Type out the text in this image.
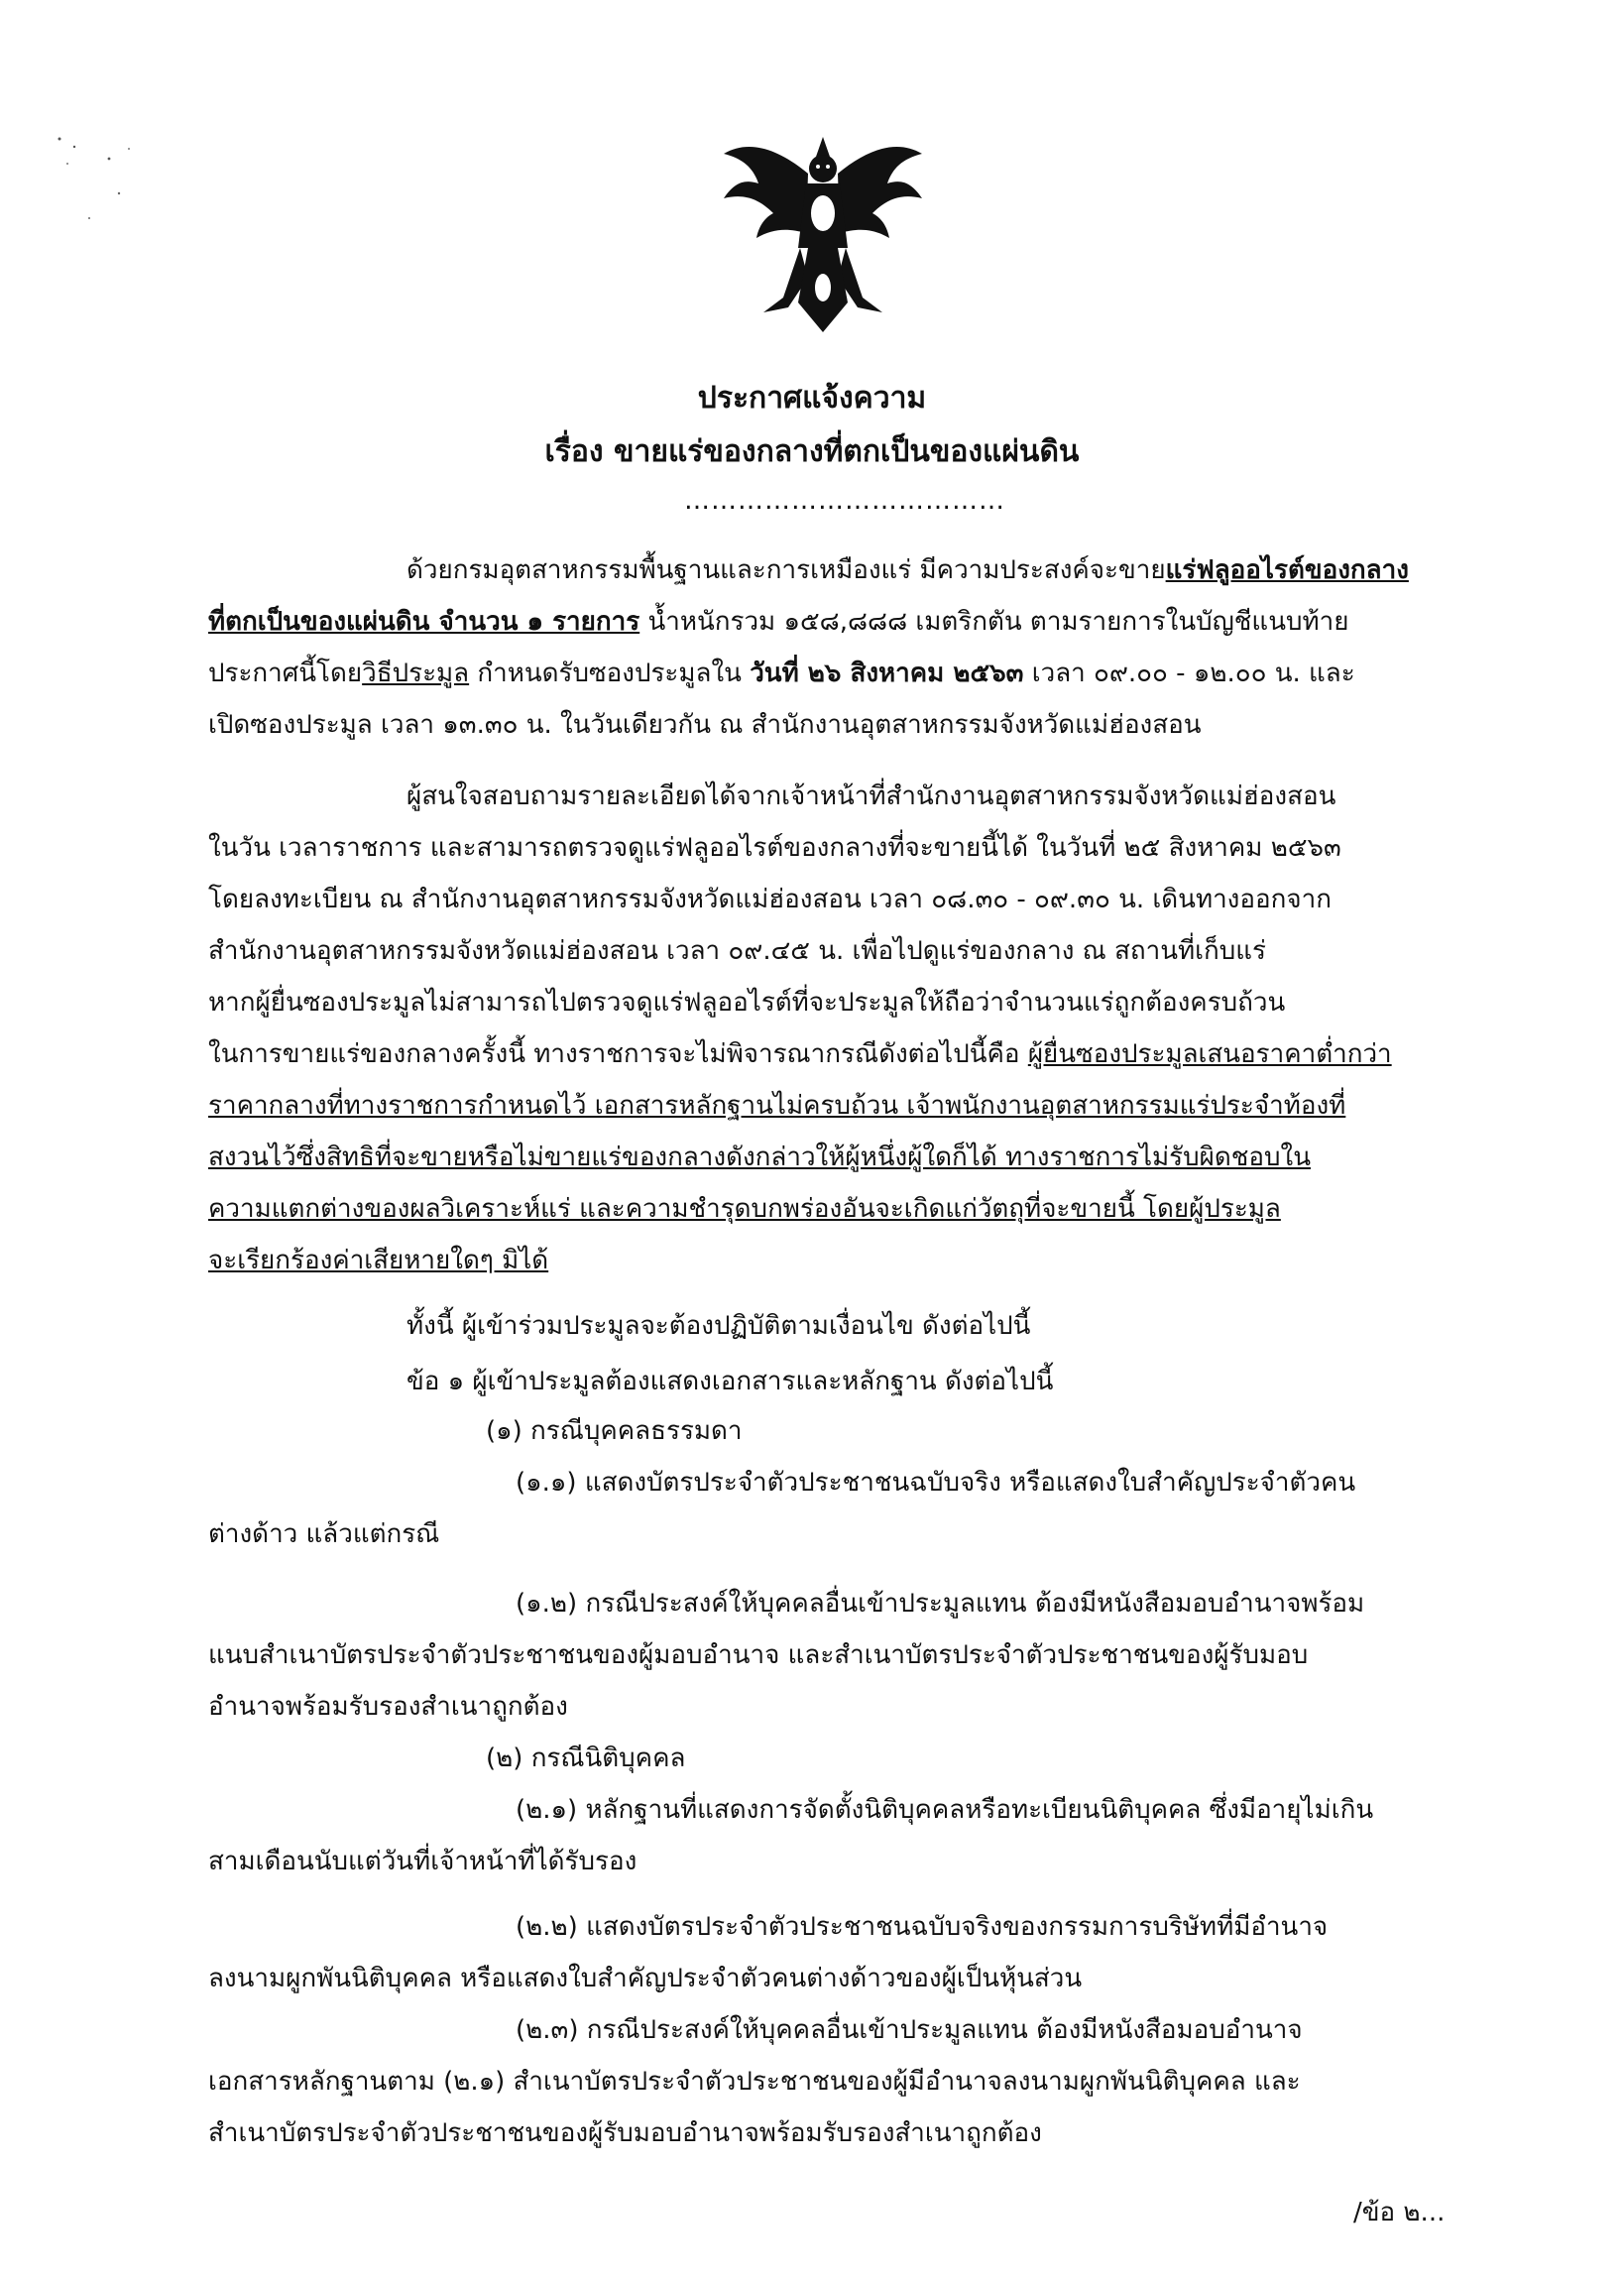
ประกาศแจ้งความ
เรื่อง ขายแร่ของกลางที่ตกเป็นของแผ่นดิน
………………………………
ด้วยกรมอุตสาหกรรมพื้นฐานและการเหมืองแร่ มีความประสงค์จะขายแร่ฟลูออไรต์ของกลาง
ที่ตกเป็นของแผ่นดิน จำนวน ๑ รายการ น้ำหนักรวม ๑๕๘,๘๘๘ เมตริกตัน ตามรายการในบัญชีแนบท้าย
ประกาศนี้โดยวิธีประมูล กำหนดรับซองประมูลใน วันที่ ๒๖ สิงหาคม ๒๕๖๓ เวลา ๐๙.๐๐ - ๑๒.๐๐ น. และ
เปิดซองประมูล เวลา ๑๓.๓๐ น. ในวันเดียวกัน ณ สำนักงานอุตสาหกรรมจังหวัดแม่ฮ่องสอน
ผู้สนใจสอบถามรายละเอียดได้จากเจ้าหน้าที่สำนักงานอุตสาหกรรมจังหวัดแม่ฮ่องสอน
ในวัน เวลาราชการ และสามารถตรวจดูแร่ฟลูออไรต์ของกลางที่จะขายนี้ได้ ในวันที่ ๒๕ สิงหาคม ๒๕๖๓
โดยลงทะเบียน ณ สำนักงานอุตสาหกรรมจังหวัดแม่ฮ่องสอน เวลา ๐๘.๓๐ - ๐๙.๓๐ น. เดินทางออกจาก
สำนักงานอุตสาหกรรมจังหวัดแม่ฮ่องสอน เวลา ๐๙.๔๕ น. เพื่อไปดูแร่ของกลาง ณ สถานที่เก็บแร่
หากผู้ยื่นซองประมูลไม่สามารถไปตรวจดูแร่ฟลูออไรต์ที่จะประมูลให้ถือว่าจำนวนแร่ถูกต้องครบถ้วน
ในการขายแร่ของกลางครั้งนี้ ทางราชการจะไม่พิจารณากรณีดังต่อไปนี้คือ ผู้ยื่นซองประมูลเสนอราคาต่ำกว่า
ราคากลางที่ทางราชการกำหนดไว้ เอกสารหลักฐานไม่ครบถ้วน เจ้าพนักงานอุตสาหกรรมแร่ประจำท้องที่
สงวนไว้ซึ่งสิทธิที่จะขายหรือไม่ขายแร่ของกลางดังกล่าวให้ผู้หนึ่งผู้ใดก็ได้ ทางราชการไม่รับผิดชอบใน
ความแตกต่างของผลวิเคราะห์แร่ และความชำรุดบกพร่องอันจะเกิดแก่วัตถุที่จะขายนี้ โดยผู้ประมูล
จะเรียกร้องค่าเสียหายใดๆ มิได้
ทั้งนี้ ผู้เข้าร่วมประมูลจะต้องปฏิบัติตามเงื่อนไข ดังต่อไปนี้
ข้อ ๑ ผู้เข้าประมูลต้องแสดงเอกสารและหลักฐาน ดังต่อไปนี้
(๑) กรณีบุคคลธรรมดา
(๑.๑) แสดงบัตรประจำตัวประชาชนฉบับจริง หรือแสดงใบสำคัญประจำตัวคน
ต่างด้าว แล้วแต่กรณี
(๑.๒) กรณีประสงค์ให้บุคคลอื่นเข้าประมูลแทน ต้องมีหนังสือมอบอำนาจพร้อม
แนบสำเนาบัตรประจำตัวประชาชนของผู้มอบอำนาจ และสำเนาบัตรประจำตัวประชาชนของผู้รับมอบ
อำนาจพร้อมรับรองสำเนาถูกต้อง
(๒) กรณีนิติบุคคล
(๒.๑) หลักฐานที่แสดงการจัดตั้งนิติบุคคลหรือทะเบียนนิติบุคคล ซึ่งมีอายุไม่เกิน
สามเดือนนับแต่วันที่เจ้าหน้าที่ได้รับรอง
(๒.๒) แสดงบัตรประจำตัวประชาชนฉบับจริงของกรรมการบริษัทที่มีอำนาจ
ลงนามผูกพันนิติบุคคล หรือแสดงใบสำคัญประจำตัวคนต่างด้าวของผู้เป็นหุ้นส่วน
(๒.๓) กรณีประสงค์ให้บุคคลอื่นเข้าประมูลแทน ต้องมีหนังสือมอบอำนาจ
เอกสารหลักฐานตาม (๒.๑) สำเนาบัตรประจำตัวประชาชนของผู้มีอำนาจลงนามผูกพันนิติบุคคล และ
สำเนาบัตรประจำตัวประชาชนของผู้รับมอบอำนาจพร้อมรับรองสำเนาถูกต้อง
/ข้อ ๒...
